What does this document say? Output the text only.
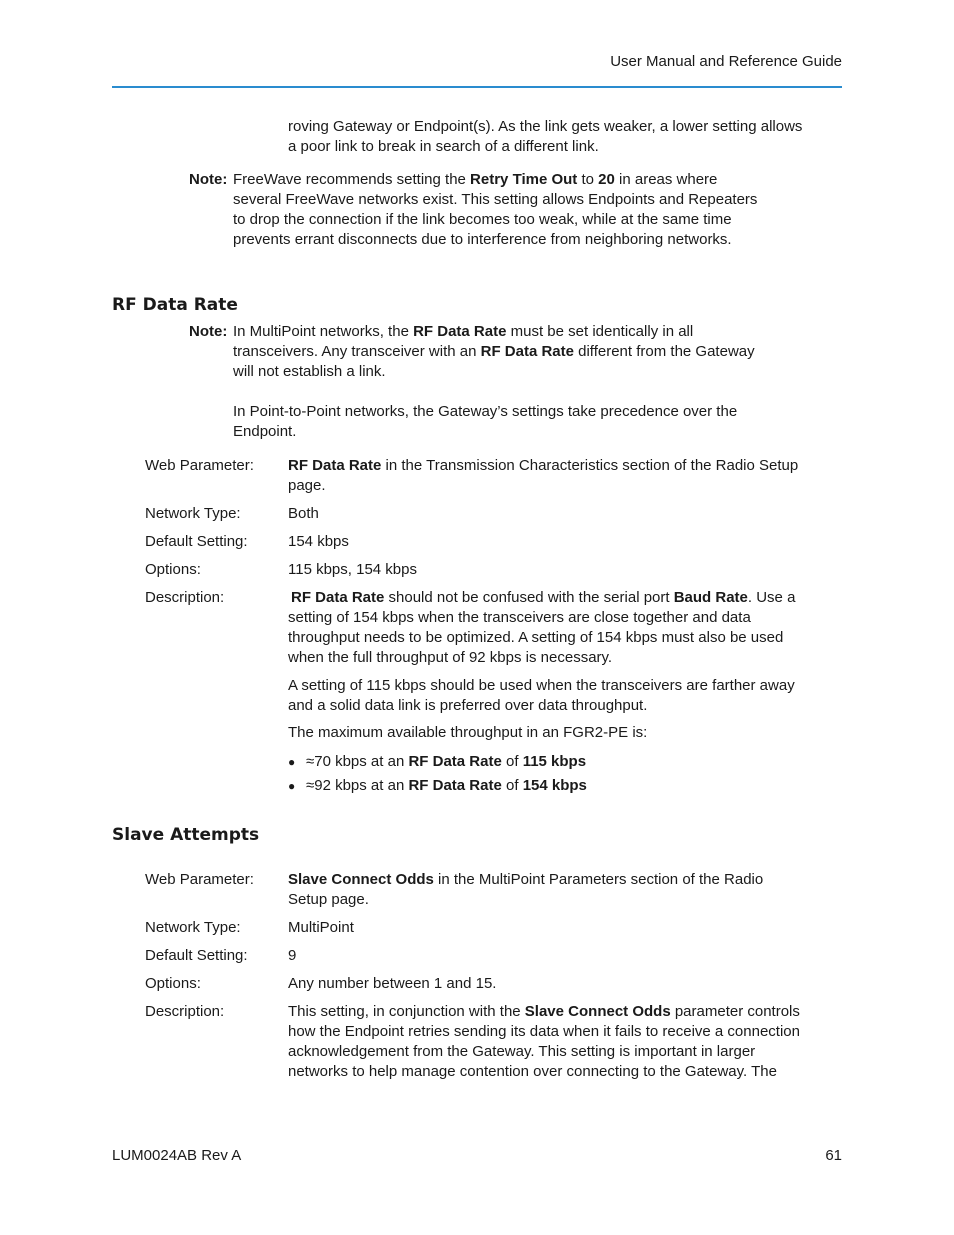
User Manual and Reference Guide
roving Gateway or Endpoint(s). As the link gets weaker, a lower setting allows
a poor link to break in search of a different link.
Note: FreeWave recommends setting the Retry Time Out to 20 in areas where
several FreeWave networks exist. This setting allows Endpoints and Repeaters
to drop the connection if the link becomes too weak, while at the same time
prevents errant disconnects due to interference from neighboring networks.
RF Data Rate
Note: In MultiPoint networks, the RF Data Rate must be set identically in all
transceivers. Any transceiver with an RF Data Rate different from the Gateway
will not establish a link.
In Point-to-Point networks, the Gateway’s settings take precedence over the
Endpoint.
Web Parameter: RF Data Rate in the Transmission Characteristics section of the Radio Setup
page.
Network Type:	Both
Default Setting:	154 kbps
Options:	115 kbps, 154 kbps
Description:	RF Data Rate should not be confused with the serial port Baud Rate. Use a
setting of 154 kbps when the transceivers are close together and data
throughput needs to be optimized. A setting of 154 kbps must also be used
when the full throughput of 92 kbps is necessary.
A setting of 115 kbps should be used when the transceivers are farther away
and a solid data link is preferred over data throughput.
The maximum available throughput in an FGR2-PE is:
● ≈70 kbps at an RF Data Rate of 115 kbps
● ≈92 kbps at an RF Data Rate of 154 kbps
Slave Attempts
Web Parameter: Slave Connect Odds in the MultiPoint Parameters section of the Radio
Setup page.
Network Type:	MultiPoint
Default Setting:	9
Options:	Any number between 1 and 15.
Description:	This setting, in conjunction with the Slave Connect Odds parameter controls
how the Endpoint retries sending its data when it fails to receive a connection
acknowledgement from the Gateway. This setting is important in larger
networks to help manage contention over connecting to the Gateway. The
LUM0024AB Rev A	61
